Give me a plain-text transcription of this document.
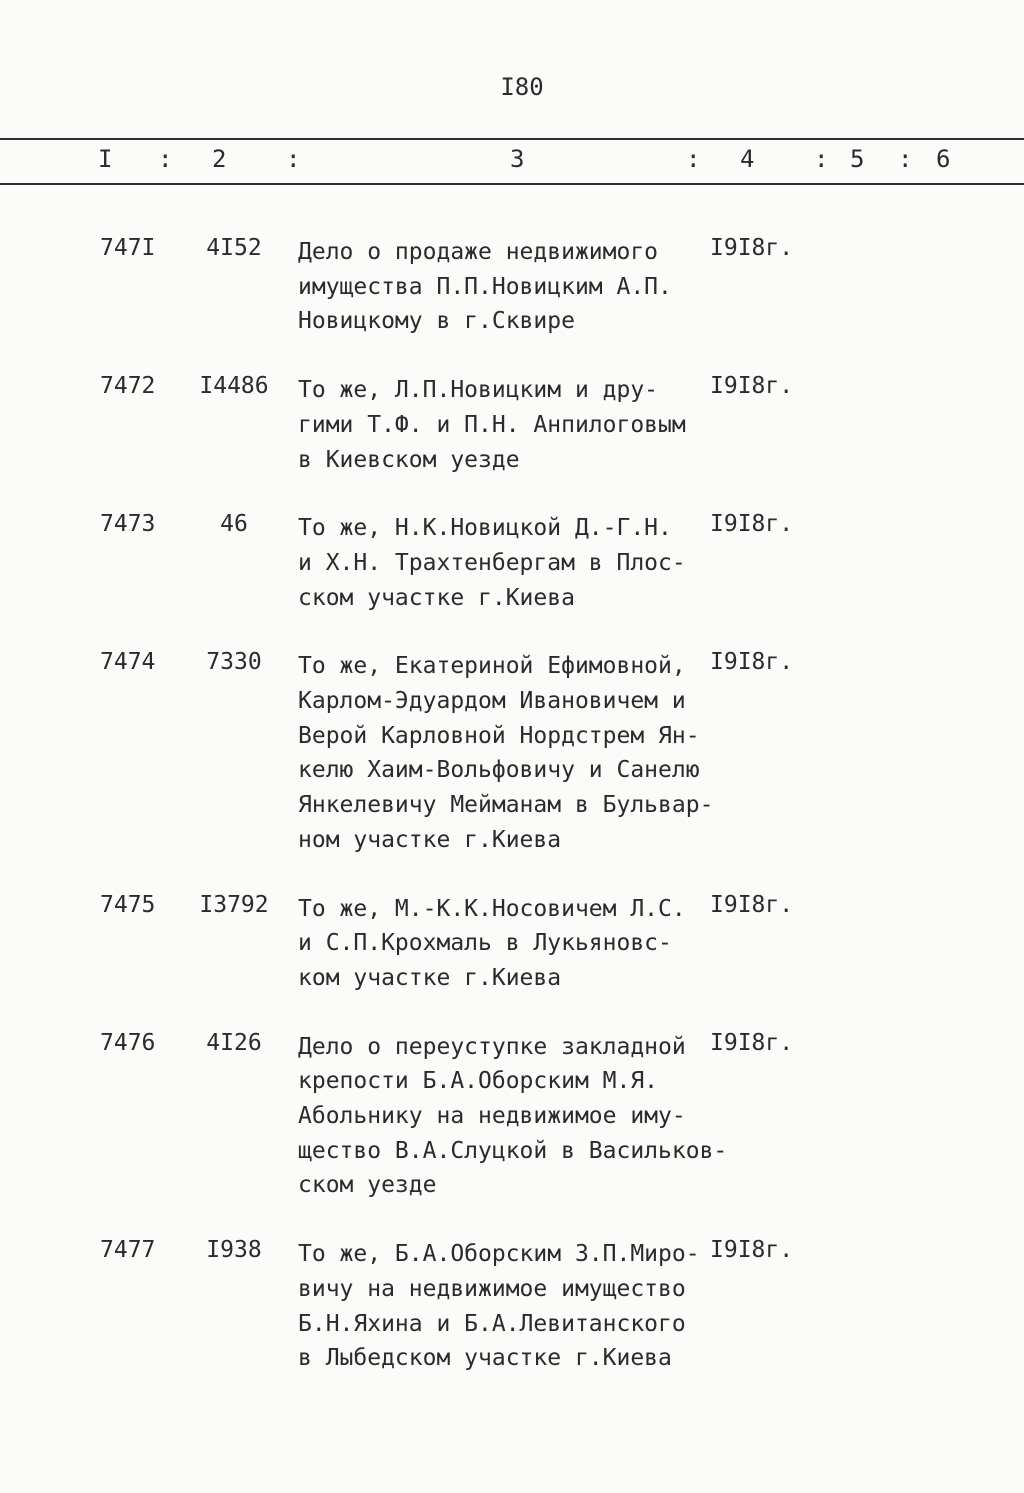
I80
I : 2 :	3	: 4 : 5 : 6
747I	4I52	Дело о продаже недвижимого
имущества П.П.Новицким А.П.
Новицкому в г.Сквире
I9I8г.
7472 I4486 То же, Л.П.Новицким и дру-
гими Т.Ф. и П.Н. Анпилоговым
в Киевском уезде
I9I8г.
7473	46	То же, Н.К.Новицкой Д.-Г.Н.
и Х.Н. Трахтенбергам в Плос-
ском участке г.Киева
I9I8г.
7474	7330	То же, Екатериной Ефимовной,
Карлом-Эдуардом Ивановичем и
Верой Карловной Нордстрем Ян-
келю Хаим-Вольфовичу и Санелю
Янкелевичу Мейманам в Бульвар-
ном участке г.Киева
I9I8г.
7475 I3792 То же, М.-К.К.Носовичем Л.С.
и С.П.Крохмаль в Лукьяновс-
ком участке г.Киева
I9I8г.
7476	4I26	Дело о переуступке закладной
крепости Б.А.Оборским М.Я.
Абольнику на недвижимое иму-
щество В.А.Слуцкой в Васильков-
ском уезде
I9I8г.
7477	I938	То же, Б.А.Оборским З.П.Миро-
вичу на недвижимое имущество
Б.Н.Яхина и Б.А.Левитанского
в Лыбедском участке г.Киева
I9I8г.
